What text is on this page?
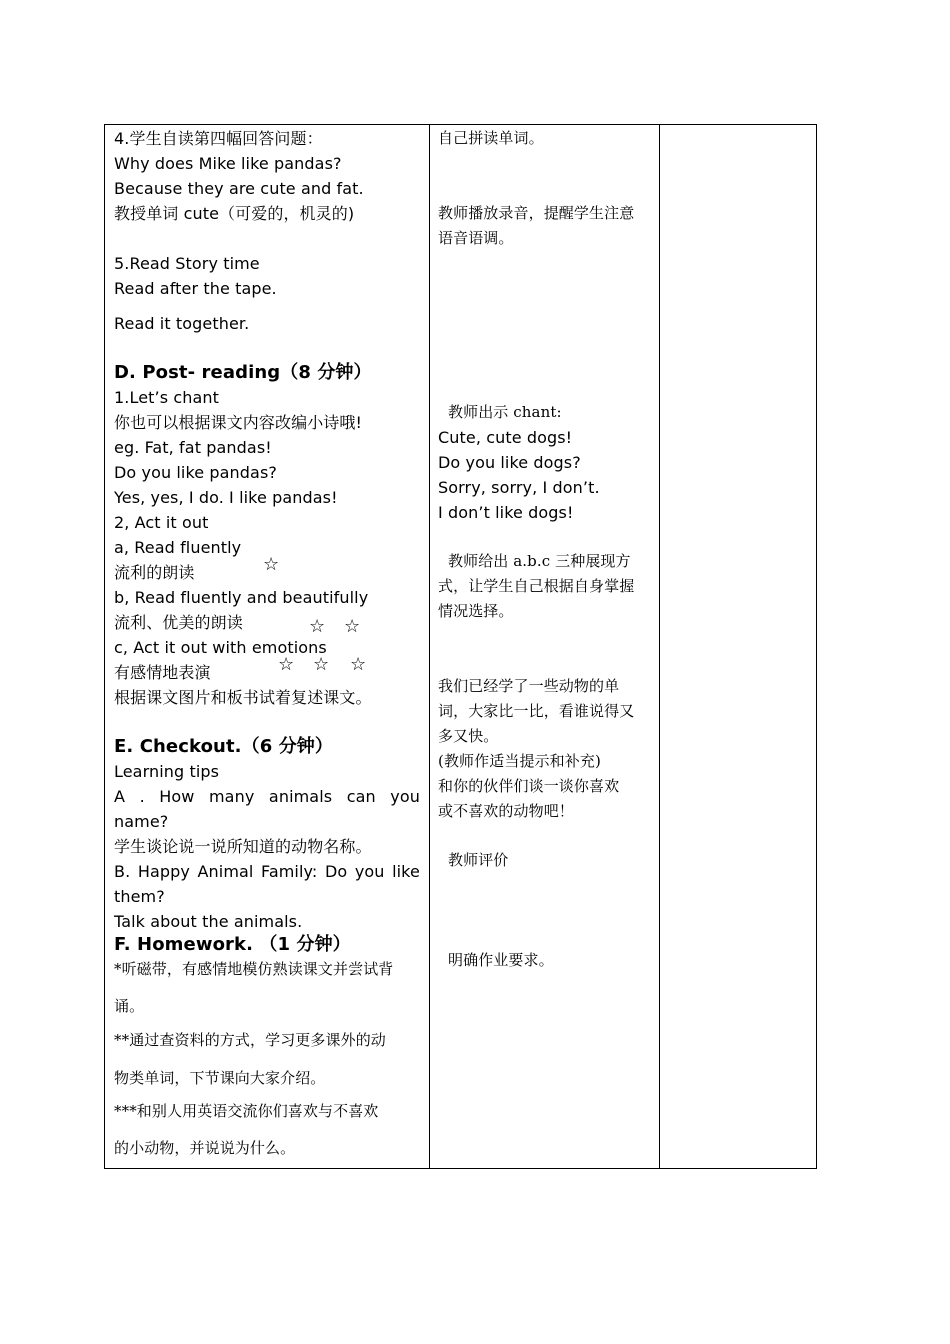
4.学生自读第四幅回答问题：
Why does Mike like pandas?
Because they are cute and fat.
教授单词 cute（可爱的，机灵的)
5.Read Story time
Read after the tape.
Read it together.
D. Post- reading（8 分钟）
1.Let’s chant
你也可以根据课文内容改编小诗哦!
eg. Fat, fat pandas!
Do you like pandas?
Yes, yes, I do. I like pandas!
2, Act it out
a, Read fluently
流利的朗读
b, Read fluently and beautifully
流利、优美的朗读
c, Act it out with emotions
有感情地表演
根据课文图片和板书试着复述课文。
☆
☆ ☆
☆ ☆ ☆
E. Checkout.（6 分钟）
Learning tips
A . How many animals can you
name?
学生谈论说一说所知道的动物名称。
B. Happy Animal Family: Do you like
them?
Talk about the animals.
F. Homework. （1 分钟）
*听磁带，有感情地模仿熟读课文并尝试背
诵。
**通过查资料的方式，学习更多课外的动
物类单词，下节课向大家介绍。
***和别人用英语交流你们喜欢与不喜欢
的小动物，并说说为什么。
自己拼读单词。
教师播放录音，提醒学生注意
语音语调。
教师出示 chant:
Cute, cute dogs!
Do you like dogs?
Sorry, sorry, I don’t.
I don’t like dogs!
教师给出 a.b.c 三种展现方
式，让学生自己根据自身掌握
情况选择。
我们已经学了一些动物的单
词，大家比一比，看谁说得又
多又快。
(教师作适当提示和补充)
和你的伙伴们谈一谈你喜欢
或不喜欢的动物吧！
教师评价
明确作业要求。
